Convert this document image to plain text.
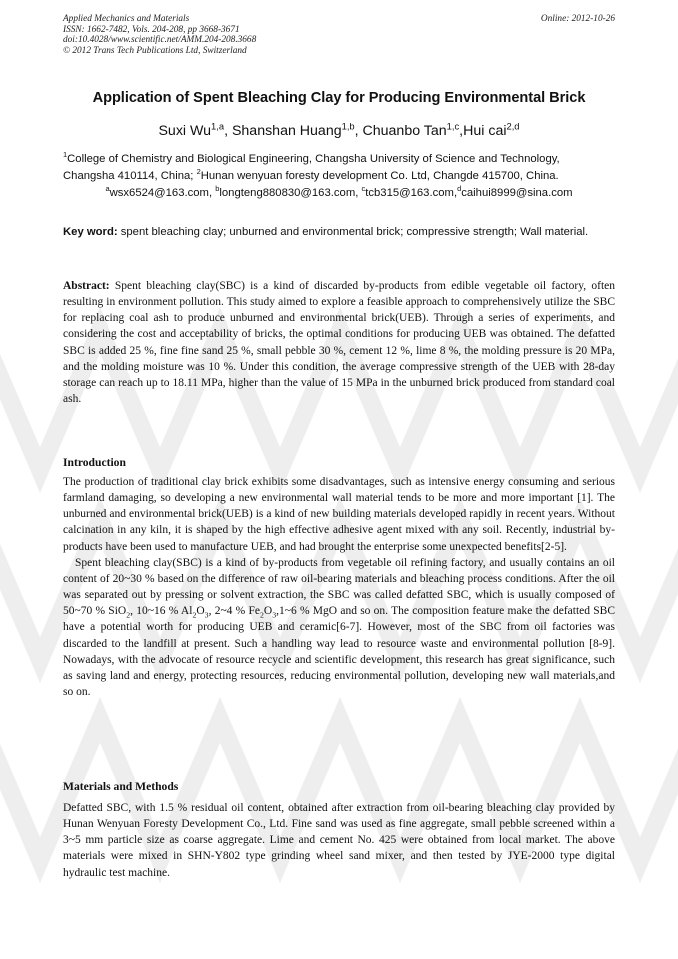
Applied Mechanics and Materials
ISSN: 1662-7482, Vols. 204-208, pp 3668-3671
doi:10.4028/www.scientific.net/AMM.204-208.3668
© 2012 Trans Tech Publications Ltd, Switzerland
Online: 2012-10-26
Application of Spent Bleaching Clay for Producing Environmental Brick
Suxi Wu$^{1,a}$, Shanshan Huang$^{1,b}$, Chuanbo Tan$^{1,c}$,Hui cai$^{2,d}$
$^1$College of Chemistry and Biological Engineering, Changsha University of Science and Technology,
Changsha 410114, China; $^2$Hunan wenyuan foresty development Co. Ltd, Changde 415700, China.
$^a$wsx6524@163.com, $^b$longteng880830@163.com, $^c$tcb315@163.com,$^d$caihui8999@sina.com
Key word: spent bleaching clay; unburned and environmental brick; compressive strength; Wall material.
Abstract: Spent bleaching clay(SBC) is a kind of discarded by-products from edible vegetable oil factory, often resulting in environment pollution. This study aimed to explore a feasible approach to comprehensively utilize the SBC for replacing coal ash to produce unburned and environmental brick(UEB). Through a series of experiments, and considering the cost and acceptability of bricks, the optimal conditions for producing UEB was obtained. The defatted SBC is added 25 %, fine fine sand 25 %, small pebble 30 %, cement 12 %, lime 8 %, the molding pressure is 20 MPa, and the molding moisture was 10 %. Under this condition, the average compressive strength of the UEB with 28-day storage can reach up to 18.11 MPa, higher than the value of 15 MPa in the unburned brick produced from standard coal ash.
Introduction
The production of traditional clay brick exhibits some disadvantages, such as intensive energy consuming and serious farmland damaging, so developing a new environmental wall material tends to be more and more important [1]. The unburned and environmental brick(UEB) is a kind of new building materials developed rapidly in recent years. Without calcination in any kiln, it is shaped by the high effective adhesive agent mixed with any soil. Recently, industrial by-products have been used to manufacture UEB, and had brought the enterprise some unexpected benefits[2-5].
Spent bleaching clay(SBC) is a kind of by-products from vegetable oil refining factory, and usually contains an oil content of 20~30 % based on the difference of raw oil-bearing materials and bleaching process conditions. After the oil was separated out by pressing or solvent extraction, the SBC was called defatted SBC, which is usually composed of 50~70 % SiO$_2$, 10~16 % $Al_2O_3$, 2~4 % $Fe_2O_3,1\sim 6$ % MgO and so on. The composition feature make the defatted SBC have a potential worth for producing UEB and ceramic[6-7]. However, most of the SBC from oil factories was discarded to the landfill at present. Such a handling way lead to resource waste and environmental pollution [8-9]. Nowadays, with the advocate of resource recycle and scientific development, this research has great significance, such as saving land and energy, protecting resources, reducing environmental pollution, developing new wall materials,and so on.
Materials and Methods
Defatted SBC, with 1.5 % residual oil content, obtained after extraction from oil-bearing bleaching clay provided by Hunan Wenyuan Foresty Development Co., Ltd. Fine sand was used as fine aggregate, small pebble screened within a 3~5 mm particle size as coarse aggregate. Lime and cement No. 425 were obtained from local market. The above materials were mixed in SHN-Y802 type grinding wheel sand mixer, and then tested by JYE-2000 type digital hydraulic test machine.
